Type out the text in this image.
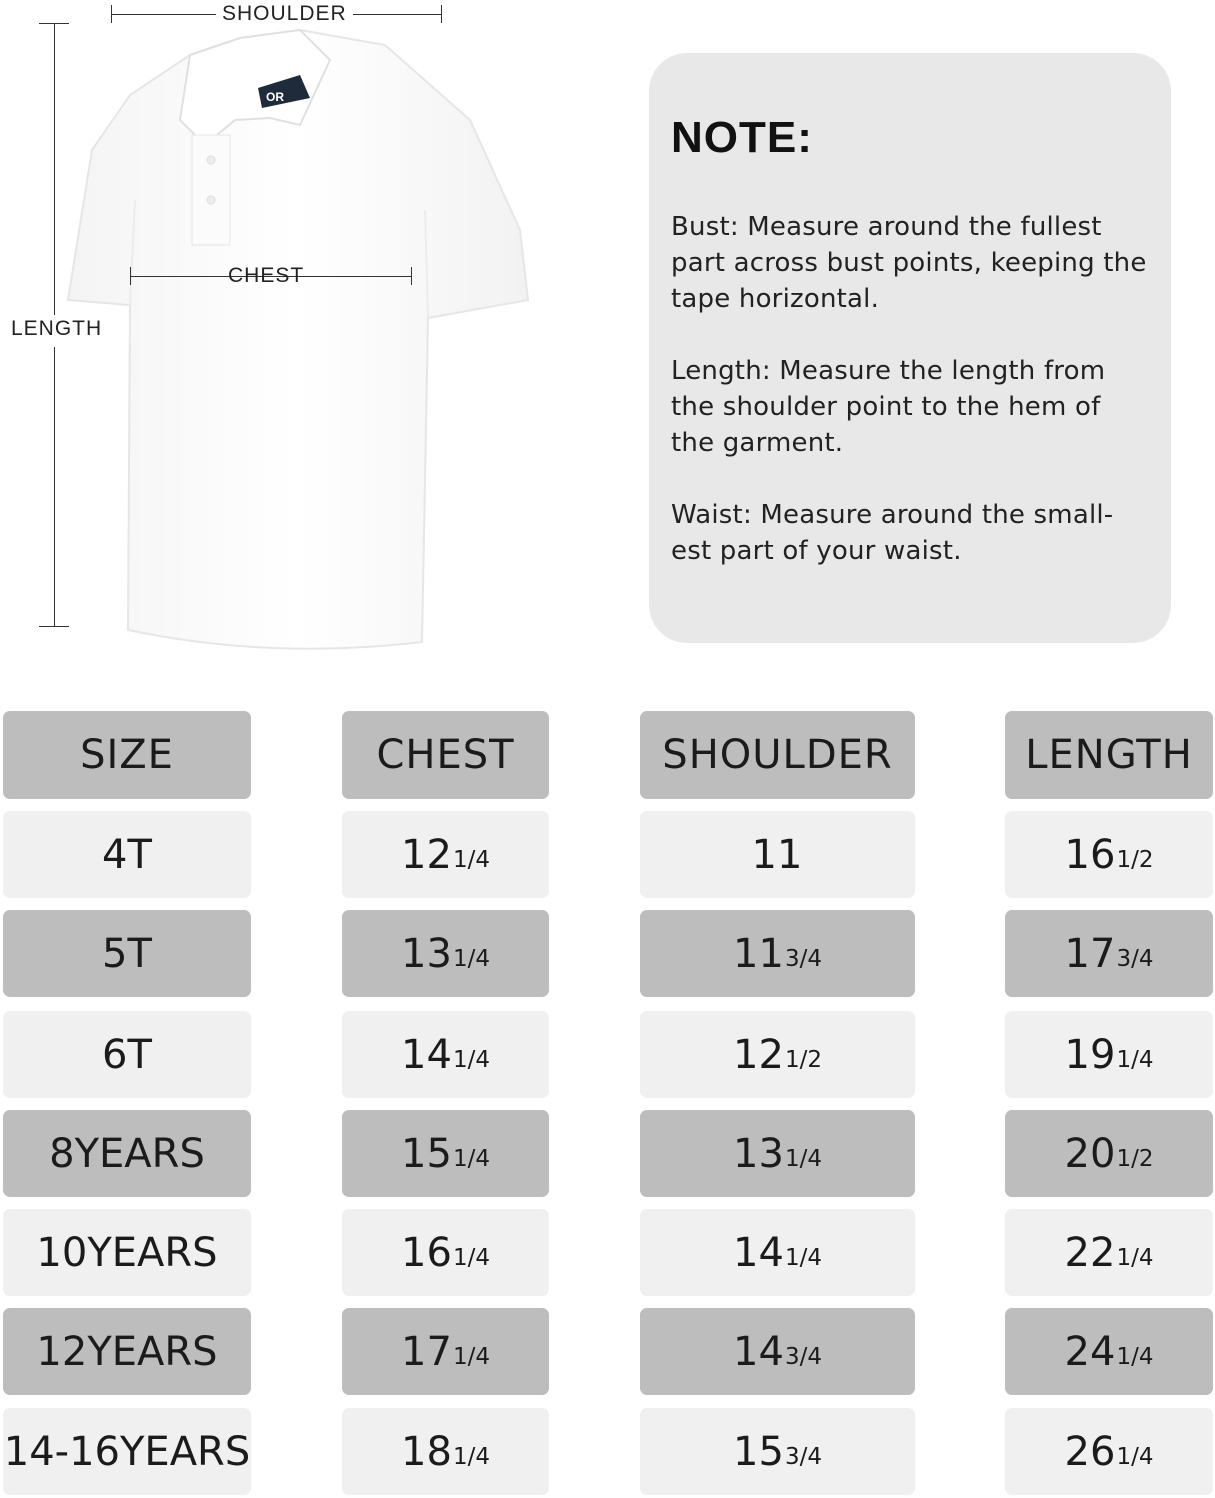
OR
SHOULDER
CHEST
LENGTH
NOTE:

Bust: Measure around the fullest part across bust points, keeping the tape horizontal.

Length: Measure the length from the shoulder point to the hem of the garment.

Waist: Measure around the small-est part of your waist.

SIZE	CHEST	SHOULDER	LENGTH
4T	12 1/4	11	16 1/2
5T	13 1/4	11 3/4	17 3/4
6T	14 1/4	12 1/2	19 1/4
8YEARS	15 1/4	13 1/4	20 1/2
10YEARS	16 1/4	14 1/4	22 1/4
12YEARS	17 1/4	14 3/4	24 1/4
14-16YEARS	18 1/4	15 3/4	26 1/4
